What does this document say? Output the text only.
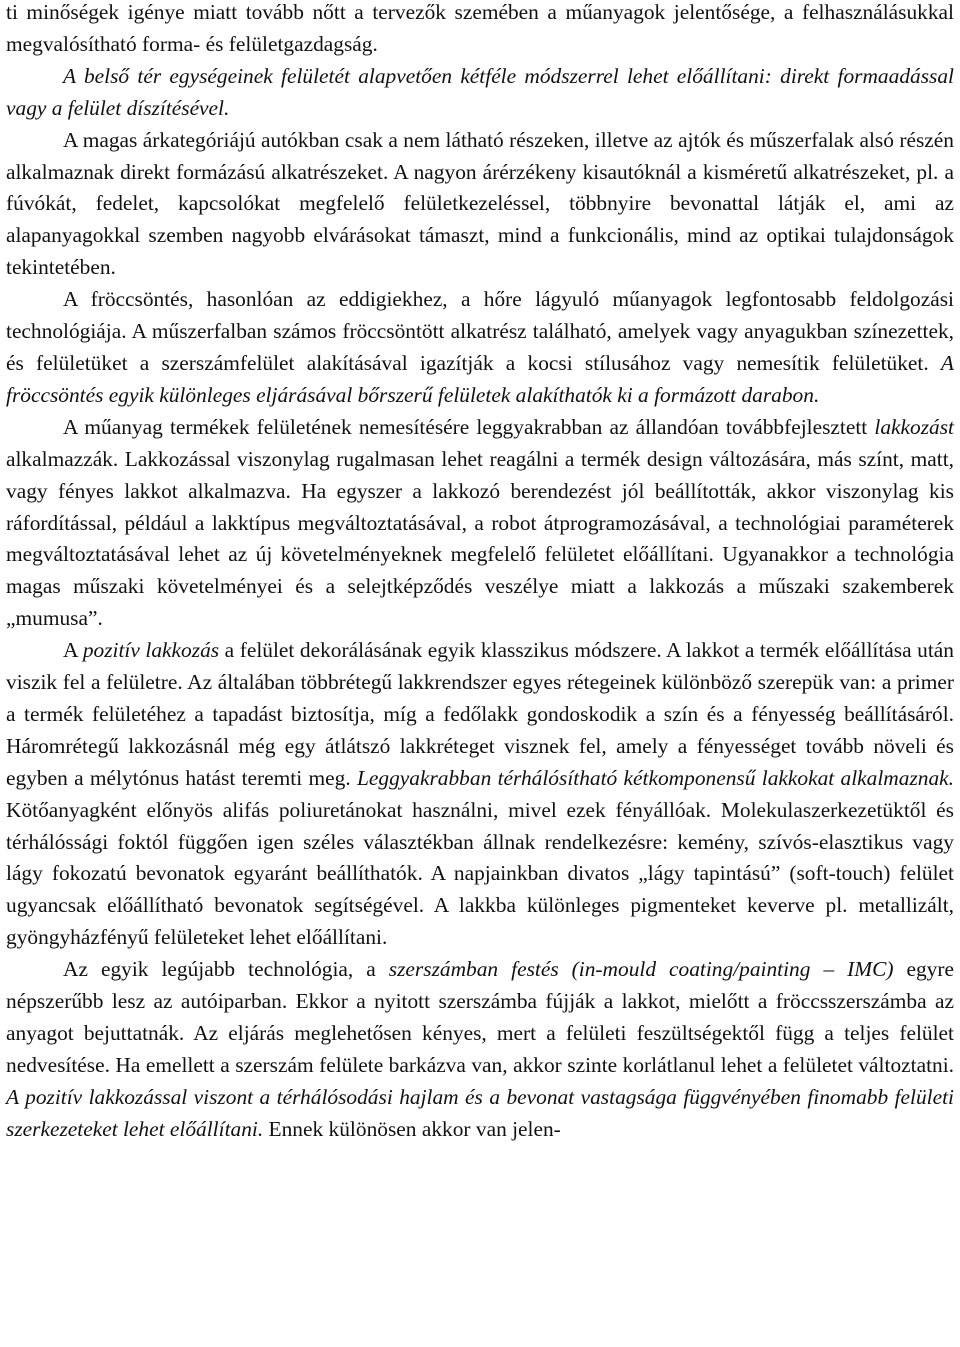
ti minőségek igénye miatt tovább nőtt a tervezők szemében a műanyagok jelentősége, a felhasználásukkal megvalósítható forma- és felületgazdagság.

A belső tér egységeinek felületét alapvetően kétféle módszerrel lehet előállítani: direkt formaadással vagy a felület díszítésével.

A magas árkategóriájú autókban csak a nem látható részeken, illetve az ajtók és műszerfalak alsó részén alkalmaznak direkt formázású alkatrészeket. A nagyon árérzékeny kisautóknál a kisméretű alkatrészeket, pl. a fúvókát, fedelet, kapcsolókat megfelelő felületkezeléssel, többnyire bevonattal látják el, ami az alapanyagokkal szemben nagyobb elvárásokat támaszt, mind a funkcionális, mind az optikai tulajdonságok tekintetében.

A fröccsöntés, hasonlóan az eddigiekhez, a hőre lágyuló műanyagok legfontosabb feldolgozási technológiája. A műszerfalban számos fröccsöntött alkatrész található, amelyek vagy anyagukban színezettek, és felületüket a szerszámfelület alakításával igazítják a kocsi stílusához vagy nemesítik felületüket. A fröccsöntés egyik különleges eljárásával bőrszerű felületek alakíthatók ki a formázott darabon.

A műanyag termékek felületének nemesítésére leggyakrabban az állandóan továbbfejlesztett lakkozást alkalmazzák. Lakkozással viszonylag rugalmasan lehet reagálni a termék design változására, más színt, matt, vagy fényes lakkot alkalmazva. Ha egyszer a lakkozó berendezést jól beállították, akkor viszonylag kis ráfordítással, például a lakktípus megváltoztatásával, a robot átprogramozásával, a technológiai paraméterek megváltoztatásával lehet az új követelményeknek megfelelő felületet előállítani. Ugyanakkor a technológia magas műszaki követelményei és a selejtképződés veszélye miatt a lakkozás a műszaki szakemberek „mumusa”.

A pozitív lakkozás a felület dekorálásának egyik klasszikus módszere. A lakkot a termék előállítása után viszik fel a felületre. Az általában többrétegű lakkrendszer egyes rétegeinek különböző szerepük van: a primer a termék felületéhez a tapadást biztosítja, míg a fedőlakk gondoskodik a szín és a fényesség beállításáról. Háromrétegű lakkozásnál még egy átlátszó lakkréteget visznek fel, amely a fényességet tovább növeli és egyben a mélytónus hatást teremti meg. Leggyakrabban térhálósítható kétkomponensű lakkokat alkalmaznak. Kötőanyagként előnyös alifás poliuretánokat használni, mivel ezek fényállóak. Molekulaszerkezetüktől és térhálóssági foktól függően igen széles választékban állnak rendelkezésre: kemény, szívós-elasztikus vagy lágy fokozatú bevonatok egyaránt beállíthatók. A napjainkban divatos „lágy tapintású” (soft-touch) felület ugyancsak előállítható bevonatok segítségével. A lakkba különleges pigmenteket keverve pl. metallizált, gyöngyházfényű felületeket lehet előállítani.

Az egyik legújabb technológia, a szerszámban festés (in-mould coating/painting – IMC) egyre népszerűbb lesz az autóiparban. Ekkor a nyitott szerszámba fújják a lakkot, mielőtt a fröccsszerszámba az anyagot bejuttatnák. Az eljárás meglehetősen kényes, mert a felületi feszültségektől függ a teljes felület nedvesítése. Ha emellett a szerszám felülete barkázva van, akkor szinte korlátlanul lehet a felületet változtatni. A pozitív lakkozással viszont a térhálósodási hajlam és a bevonat vastagsága függvényében finomabb felületi szerkezeteket lehet előállítani. Ennek különösen akkor van jelen-
